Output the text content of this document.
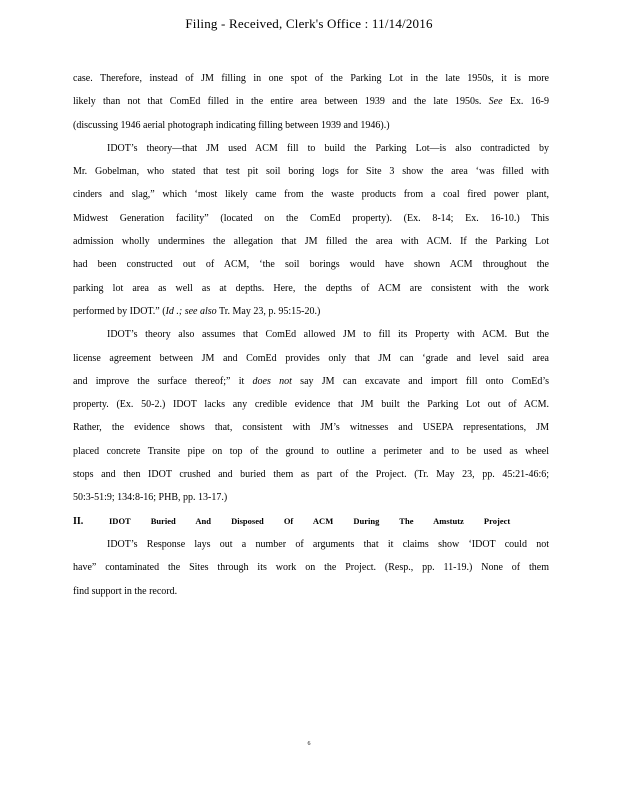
Filing - Received, Clerk's Office : 11/14/2016
case. Therefore, instead of JM filling in one spot of the Parking Lot in the late 1950s, it is more
likely than not that ComEd filled in the entire area between 1939 and the late 1950s. See Ex. 16-9
(discussing 1946 aerial photograph indicating filling between 1939 and 1946).)
IDOT’s theory—that JM used ACM fill to build the Parking Lot—is also contradicted by
Mr. Gobelman, who stated that test pit soil boring logs for Site 3 show the area ‘was filled with
cinders and slag,” which ‘most likely came from the waste products from a coal fired power plant,
Midwest Generation facility” (located on the ComEd property). (Ex. 8-14; Ex. 16-10.) This
admission wholly undermines the allegation that JM filled the area with ACM. If the Parking Lot
had been constructed out of ACM, ‘the soil borings would have shown ACM throughout the
parking lot area as well as at depths. Here, the depths of ACM are consistent with the work
performed by IDOT.” (Id .; see also Tr. May 23, p. 95:15-20.)
IDOT’s theory also assumes that ComEd allowed JM to fill its Property with ACM. But the
license agreement between JM and ComEd provides only that JM can ‘grade and level said area
and improve the surface thereof;” it does not say JM can excavate and import fill onto ComEd’s
property. (Ex. 50-2.) IDOT lacks any credible evidence that JM built the Parking Lot out of ACM.
Rather, the evidence shows that, consistent with JM’s witnesses and USEPA representations, JM
placed concrete Transite pipe on top of the ground to outline a perimeter and to be used as wheel
stops and then IDOT crushed and buried them as part of the Project. (Tr. May 23, pp. 45:21-46:6;
50:3-51:9; 134:8-16; PHB, pp. 13-17.)
II.	IDOT Buried And Disposed Of ACM During The Amstutz Project
IDOT’s Response lays out a number of arguments that it claims show ‘IDOT could not
have” contaminated the Sites through its work on the Project. (Resp., pp. 11-19.) None of them
find support in the record.
6
